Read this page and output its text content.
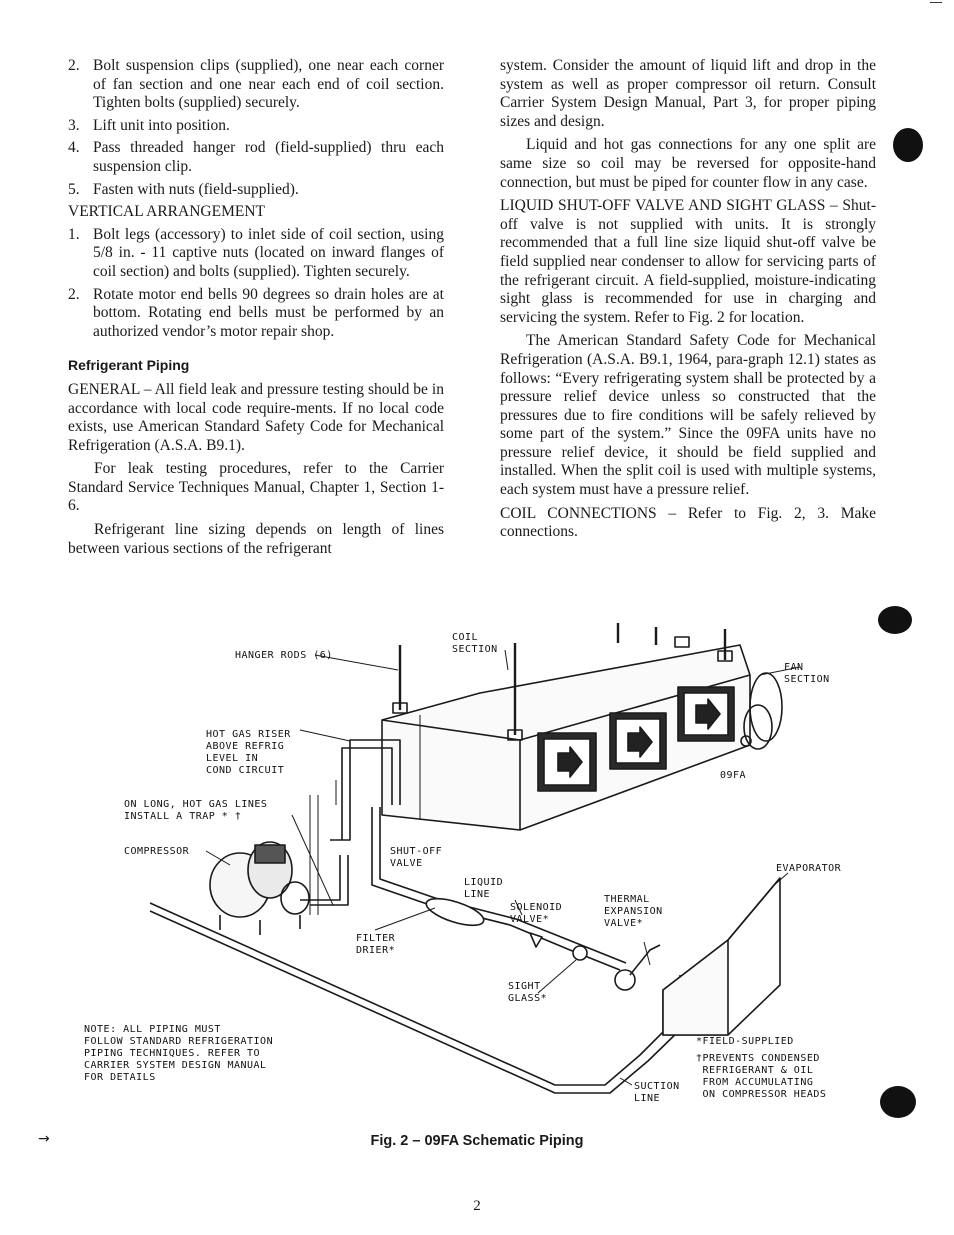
2. Bolt suspension clips (supplied), one near each corner of fan section and one near each end of coil section. Tighten bolts (supplied) securely.
3. Lift unit into position.
4. Pass threaded hanger rod (field-supplied) thru each suspension clip.
5. Fasten with nuts (field-supplied).
VERTICAL ARRANGEMENT
1. Bolt legs (accessory) to inlet side of coil section, using 5/8 in. - 11 captive nuts (located on inward flanges of coil section) and bolts (supplied). Tighten securely.
2. Rotate motor end bells 90 degrees so drain holes are at bottom. Rotating end bells must be performed by an authorized vendor’s motor repair shop.
Refrigerant Piping

GENERAL – All field leak and pressure testing should be in accordance with local code require-ments. If no local code exists, use American Standard Safety Code for Mechanical Refrigeration (A.S.A. B9.1).

For leak testing procedures, refer to the Carrier Standard Service Techniques Manual, Chapter 1, Section 1-6.

Refrigerant line sizing depends on length of lines between various sections of the refrigerant

system. Consider the amount of liquid lift and drop in the system as well as proper compressor oil return. Consult Carrier System Design Manual, Part 3, for proper piping sizes and design.

Liquid and hot gas connections for any one split are same size so coil may be reversed for opposite-hand connection, but must be piped for counter flow in any case.

LIQUID SHUT-OFF VALVE AND SIGHT GLASS – Shut-off valve is not supplied with units. It is strongly recommended that a full line size liquid shut-off valve be field supplied near condenser to allow for servicing parts of the refrigerant circuit. A field-supplied, moisture-indicating sight glass is recommended for use in charging and servicing the system. Refer to Fig. 2 for location.

The American Standard Safety Code for Mechanical Refrigeration (A.S.A. B9.1, 1964, para-graph 12.1) states as follows: “Every refrigerating system shall be protected by a pressure relief device unless so constructed that the pressures due to fire conditions will be safely relieved by some part of the system.” Since the 09FA units have no pressure relief device, it should be field supplied and installed. When the split coil is used with multiple systems, each system must have a pressure relief.

COIL CONNECTIONS – Refer to Fig. 2, 3. Make connections.

HANGER RODS (6)
COIL
SECTION
FAN
SECTION
HOT GAS RISER
ABOVE REFRIG
LEVEL IN
COND CIRCUIT	09FA
ON LONG, HOT GAS LINES
INSTALL A TRAP * †
COMPRESSOR	SHUT-OFF
VALVE	EVAPORATOR
LIQUID
LINE
SOLENOID
VALVE*
THERMAL
EXPANSION
VALVE*
FILTER
DRIER*
SIGHT
GLASS*
NOTE: ALL PIPING MUST
FOLLOW STANDARD REFRIGERATION
PIPING TECHNIQUES. REFER TO
CARRIER SYSTEM DESIGN MANUAL
FOR DETAILS
*FIELD-SUPPLIED
†PREVENTS CONDENSED
REFRIGERANT & OIL
FROM ACCUMULATING
ON COMPRESSOR HEADS
SUCTION
LINE
→	Fig. 2 – 09FA Schematic Piping
2
